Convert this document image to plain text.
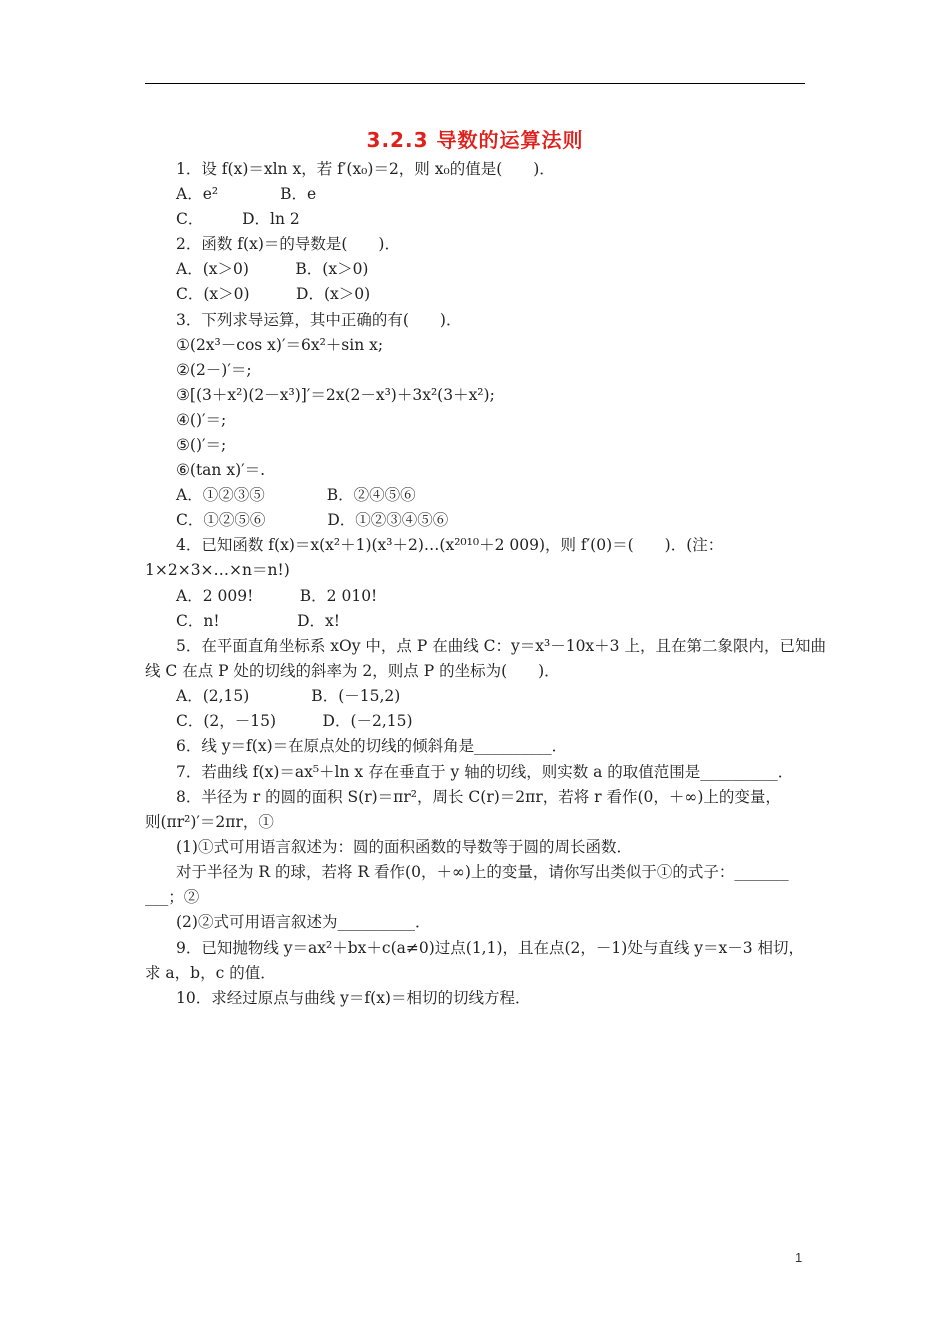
3.2.3 导数的运算法则
1．设 f(x)＝xln x，若 f′(x₀)＝2，则 x₀的值是(　　)．
A．e²　　　　B．e
C．　　　D．ln 2
2．函数 f(x)＝的导数是(　　)．
A．(x＞0)　　　B．(x＞0)
C．(x＞0)　　　D．(x＞0)
3．下列求导运算，其中正确的有(　　)．
①(2x³－cos x)′＝6x²＋sin x;
②(2－)′＝;
③[(3＋x²)(2－x³)]′＝2x(2－x³)＋3x²(3＋x²);
④()′＝;
⑤()′＝;
⑥(tan x)′＝.
A．①②③⑤　　　　B．②④⑤⑥
C．①②⑤⑥　　　　D．①②③④⑤⑥
4．已知函数 f(x)＝x(x²＋1)(x³＋2)…(x²⁰¹⁰＋2 009)，则 f′(0)＝(　　)．(注：
1×2×3×…×n＝n!)
A．2 009!　　　B．2 010!
C．n!　　　　　D．x!
5．在平面直角坐标系 xOy 中，点 P 在曲线 C：y＝x³－10x＋3 上，且在第二象限内，已知曲
线 C 在点 P 处的切线的斜率为 2，则点 P 的坐标为(　　)．
A．(2,15)　　　　B．(－15,2)
C．(2，－15)　　　D．(－2,15)
6．线 y＝f(x)＝在原点处的切线的倾斜角是__________．
7．若曲线 f(x)＝ax⁵＋ln x 存在垂直于 y 轴的切线，则实数 a 的取值范围是__________．
8．半径为 r 的圆的面积 S(r)＝πr²，周长 C(r)＝2πr，若将 r 看作(0，＋∞)上的变量，
则(πr²)′＝2πr，①
(1)①式可用语言叙述为：圆的面积函数的导数等于圆的周长函数．
对于半径为 R 的球，若将 R 看作(0，＋∞)上的变量，请你写出类似于①的式子：_______
___；②
(2)②式可用语言叙述为__________．
9．已知抛物线 y＝ax²＋bx＋c(a≠0)过点(1,1)，且在点(2，－1)处与直线 y＝x－3 相切，
求 a，b，c 的值．
10．求经过原点与曲线 y＝f(x)＝相切的切线方程．
1
